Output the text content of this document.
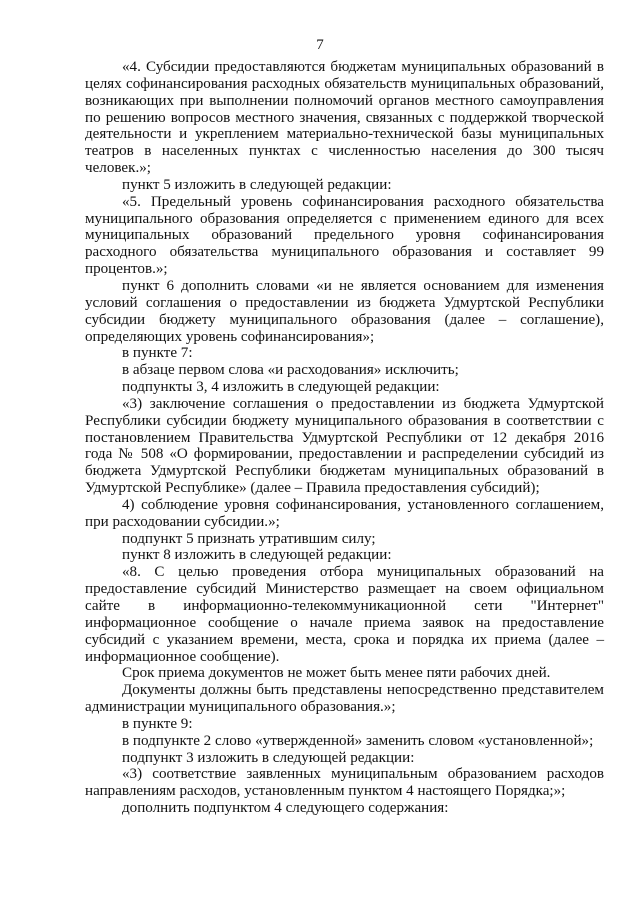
7

«4. Субсидии предоставляются бюджетам муниципальных образований в целях софинансирования расходных обязательств муниципальных образований, возникающих при выполнении полномочий органов местного самоуправления по решению вопросов местного значения, связанных с поддержкой творческой деятельности и укреплением материально-технической базы муниципальных театров в населенных пунктах с численностью населения до 300 тысяч человек.»;

пункт 5 изложить в следующей редакции:

«5. Предельный уровень софинансирования расходного обязательства муниципального образования определяется с применением единого для всех муниципальных образований предельного уровня софинансирования расходного обязательства муниципального образования и составляет 99 процентов.»;

пункт 6 дополнить словами «и не является основанием для изменения условий соглашения о предоставлении из бюджета Удмуртской Республики субсидии бюджету муниципального образования (далее – соглашение), определяющих уровень софинансирования»;

в пункте 7:

в абзаце первом слова «и расходования» исключить;

подпункты 3, 4 изложить в следующей редакции:

«3) заключение соглашения о предоставлении из бюджета Удмуртской Республики субсидии бюджету муниципального образования в соответствии с постановлением Правительства Удмуртской Республики от 12 декабря 2016 года № 508 «О формировании, предоставлении и распределении субсидий из бюджета Удмуртской Республики бюджетам муниципальных образований в Удмуртской Республике» (далее – Правила предоставления субсидий);

4) соблюдение уровня софинансирования, установленного соглашением, при расходовании субсидии.»;

подпункт 5 признать утратившим силу;

пункт 8 изложить в следующей редакции:

«8. С целью проведения отбора муниципальных образований на предоставление субсидий Министерство размещает на своем официальном сайте в информационно-телекоммуникационной сети "Интернет" информационное сообщение о начале приема заявок на предоставление субсидий с указанием времени, места, срока и порядка их приема (далее – информационное сообщение).

Срок приема документов не может быть менее пяти рабочих дней.

Документы должны быть представлены непосредственно представителем администрации муниципального образования.»;

в пункте 9:

в подпункте 2 слово «утвержденной» заменить словом «установленной»;

подпункт 3 изложить в следующей редакции:

«3) соответствие заявленных муниципальным образованием расходов направлениям расходов, установленным пунктом 4 настоящего Порядка;»;

дополнить подпунктом 4 следующего содержания:
